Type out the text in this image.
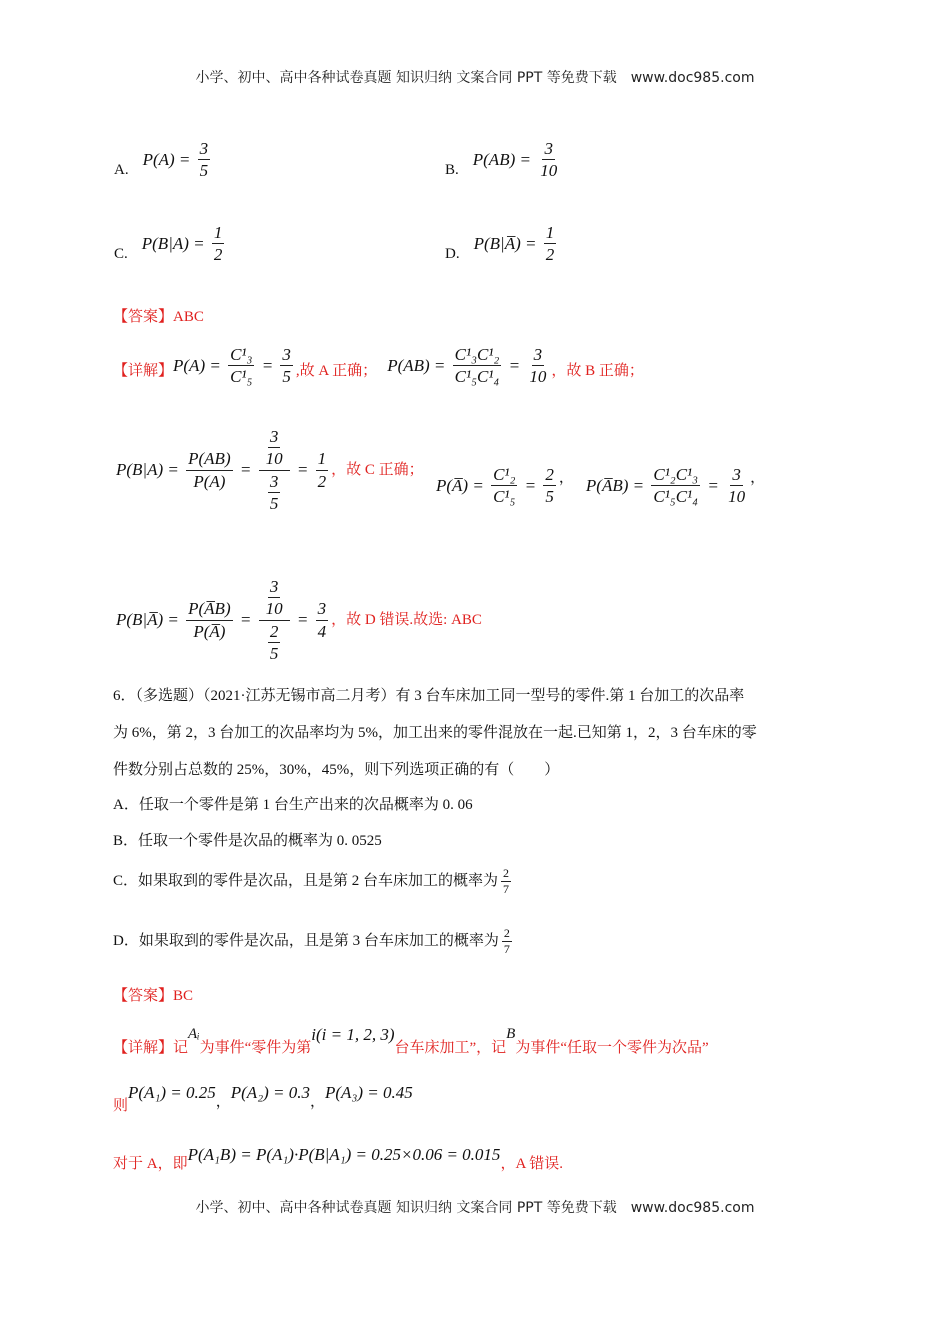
小学、初中、高中各种试卷真题 知识归纳 文案合同 PPT 等免费下载　www.doc985.com
A.
$P(A) = \frac{3}{5}$	B.
$P(AB) = \frac{3}{10}$
C.
$P(B|A) = \frac{1}{2}$	D.
P(B|A̅) = $\frac{1}{2}$
【答案】ABC
【详解】 $P(A) = \frac{\text{C¹₃}}{\text{C¹₅}} = \frac{3}{5}$ ,故 A 正确； $P(AB) = \frac{\text{C¹₃C¹₂}}{\text{C¹₅C¹₄}} = \frac{3}{10}$ ，故 B 正确；
$P(B|A) = \frac{P(AB)}{P(A)} = \frac{\frac{3}{10}}{\frac{3}{5}} = \frac{1}{2}$ ，故 C 正确；
P(A̅) = $\frac{\text{C¹₂}}{\text{C¹₅}} = \frac{2}{5}$ ， P(A̅B) = $\frac{\text{C¹₂C¹₃}}{\text{C¹₅C¹₄}} = \frac{3}{10}$ ，
P(B|A̅) = $\frac{P(A̅B)}{P(A̅)} = \frac{\frac{3}{10}}{\frac{2}{5}} = \frac{3}{4}$ ，故 D 错误.故选: ABC
6．（多选题）（2021·江苏无锡市高二月考）有 3 台车床加工同一型号的零件.第 1 台加工的次品率
为 6%，第 2，3 台加工的次品率均为 5%，加工出来的零件混放在一起.已知第 1，2，3 台车床的零
件数分别占总数的 25%，30%，45%，则下列选项正确的有（　　）
A．任取一个零件是第 1 台生产出来的次品概率为 0. 06
B．任取一个零件是次品的概率为 0. 0525
C．如果取到的零件是次品，且是第 2 台车床加工的概率为 $\frac{2}{7}$
D．如果取到的零件是次品，且是第 3 台车床加工的概率为 $\frac{2}{7}$
【答案】BC
【详解】记Aᵢ为事件“零件为第i(i = 1, 2, 3)台车床加工”，记B为事件“任取一个零件为次品”
则P(A₁) = 0.25，P(A₂) = 0.3，P(A₃) = 0.45
对于 A，即P(A₁B) = P(A₁)·P(B|A₁) = 0.25×0.06 = 0.015，A 错误.
小学、初中、高中各种试卷真题 知识归纳 文案合同 PPT 等免费下载　www.doc985.com
